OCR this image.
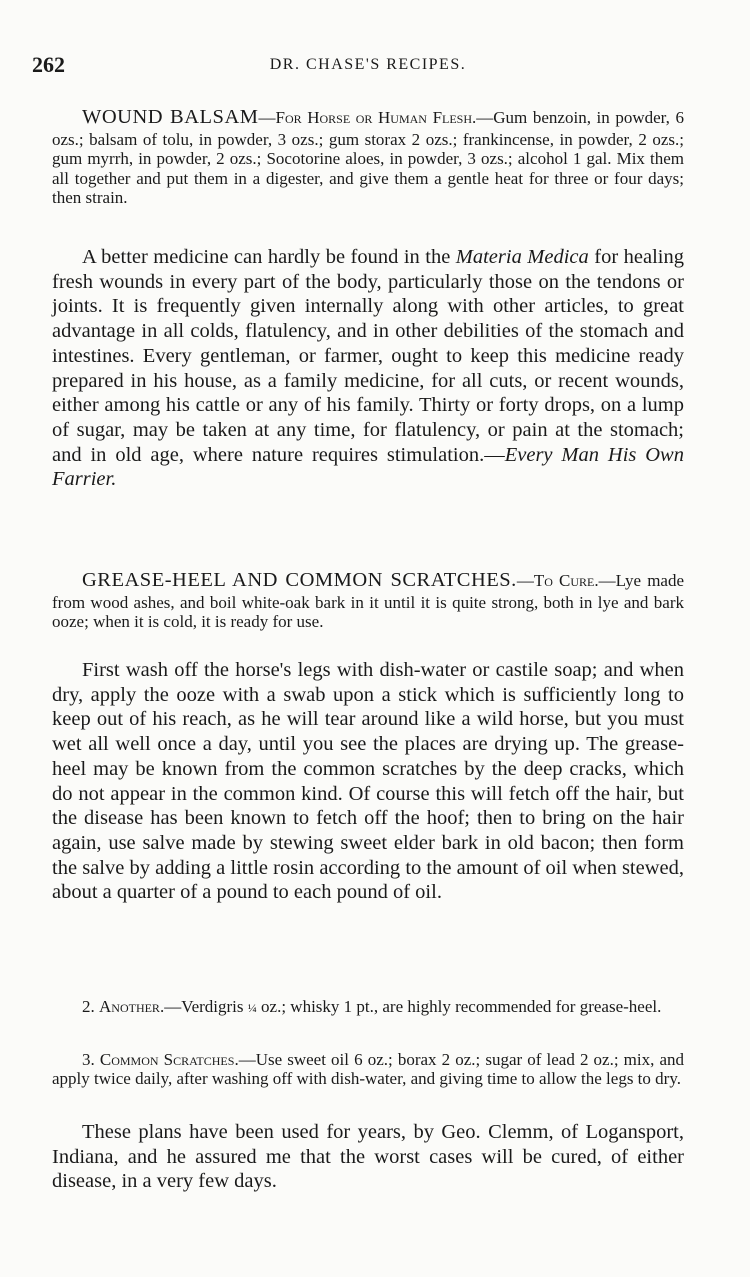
262	DR. CHASE'S RECIPES.

WOUND BALSAM—For Horse or Human Flesh.—Gum benzoin, in powder, 6 ozs.; balsam of tolu, in powder, 3 ozs.; gum storax 2 ozs.; frankincense, in powder, 2 ozs.; gum myrrh, in powder, 2 ozs.; Socotorine aloes, in powder, 3 ozs.; alcohol 1 gal. Mix them all together and put them in a digester, and give them a gentle heat for three or four days; then strain.

A better medicine can hardly be found in the Materia Medica for healing fresh wounds in every part of the body, particularly those on the tendons or joints. It is frequently given internally along with other articles, to great advantage in all colds, flatulency, and in other debilities of the stomach and intestines. Every gentleman, or farmer, ought to keep this medicine ready prepared in his house, as a family medicine, for all cuts, or recent wounds, either among his cattle or any of his family. Thirty or forty drops, on a lump of sugar, may be taken at any time, for flatulency, or pain at the stomach; and in old age, where nature requires stimulation.—Every Man His Own Farrier.

GREASE-HEEL AND COMMON SCRATCHES.—To Cure.—Lye made from wood ashes, and boil white-oak bark in it until it is quite strong, both in lye and bark ooze; when it is cold, it is ready for use.

First wash off the horse's legs with dish-water or castile soap; and when dry, apply the ooze with a swab upon a stick which is sufficiently long to keep out of his reach, as he will tear around like a wild horse, but you must wet all well once a day, until you see the places are drying up. The grease-heel may be known from the common scratches by the deep cracks, which do not appear in the common kind. Of course this will fetch off the hair, but the disease has been known to fetch off the hoof; then to bring on the hair again, use salve made by stewing sweet elder bark in old bacon; then form the salve by adding a little rosin according to the amount of oil when stewed, about a quarter of a pound to each pound of oil.

2. Another.—Verdigris ¼ oz.; whisky 1 pt., are highly recommended for grease-heel.

3. Common Scratches.—Use sweet oil 6 oz.; borax 2 oz.; sugar of lead 2 oz.; mix, and apply twice daily, after washing off with dish-water, and giving time to allow the legs to dry.

These plans have been used for years, by Geo. Clemm, of Logansport, Indiana, and he assured me that the worst cases will be cured, of either disease, in a very few days.
